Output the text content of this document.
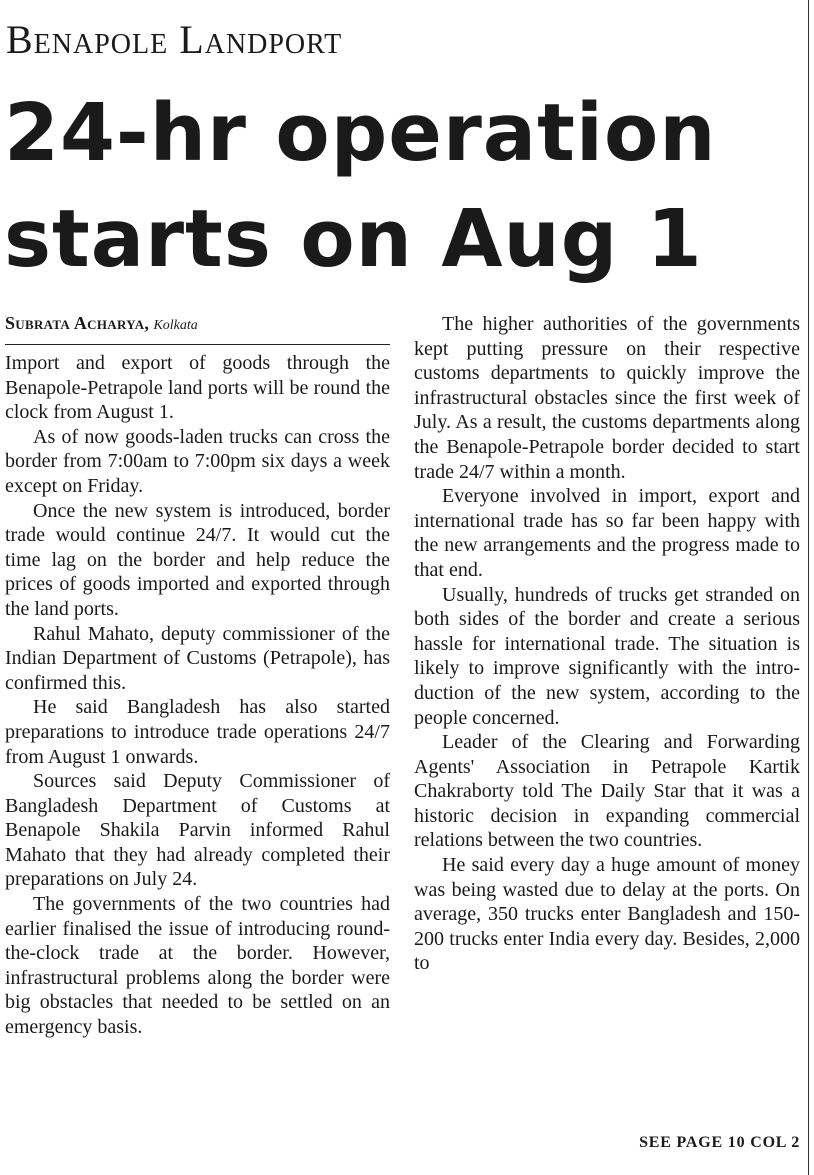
Benapole Landport
24-hr operation
starts on Aug 1
Subrata Acharya, Kolkata

Import and export of goods through the Benapole-Petrapole land ports will be round the clock from August 1.

As of now goods-laden trucks can cross the border from 7:00am to 7:00pm six days a week except on Friday.

Once the new system is introduced, border trade would continue 24/7. It would cut the time lag on the border and help reduce the prices of goods imported and exported through the land ports.

Rahul Mahato, deputy commissioner of the Indian Department of Customs (Petrapole), has confirmed this.

He said Bangladesh has also started preparations to introduce trade operations 24/7 from August 1 onwards.

Sources said Deputy Commissioner of Bangladesh Department of Customs at Benapole Shakila Parvin informed Rahul Mahato that they had already completed their preparations on July 24.

The governments of the two countries had earlier finalised the issue of introducing round-the-clock trade at the border. However, infrastructural problems along the border were big obstacles that needed to be settled on an emergency basis.

The higher authorities of the governments kept putting pressure on their respective customs departments to quickly improve the infrastructural obstacles since the first week of July. As a result, the customs departments along the Benapole-Petrapole border decided to start trade 24/7 within a month.

Everyone involved in import, export and international trade has so far been happy with the new arrangements and the progress made to that end.

Usually, hundreds of trucks get stranded on both sides of the border and create a serious hassle for international trade. The situation is likely to improve significantly with the introduction of the new system, according to the people concerned.

Leader of the Clearing and Forwarding Agents' Association in Petrapole Kartik Chakraborty told The Daily Star that it was a historic decision in expanding commercial relations between the two countries.

He said every day a huge amount of money was being wasted due to delay at the ports. On average, 350 trucks enter Bangladesh and 150-200 trucks enter India every day. Besides, 2,000 to

SEE PAGE 10 COL 2
